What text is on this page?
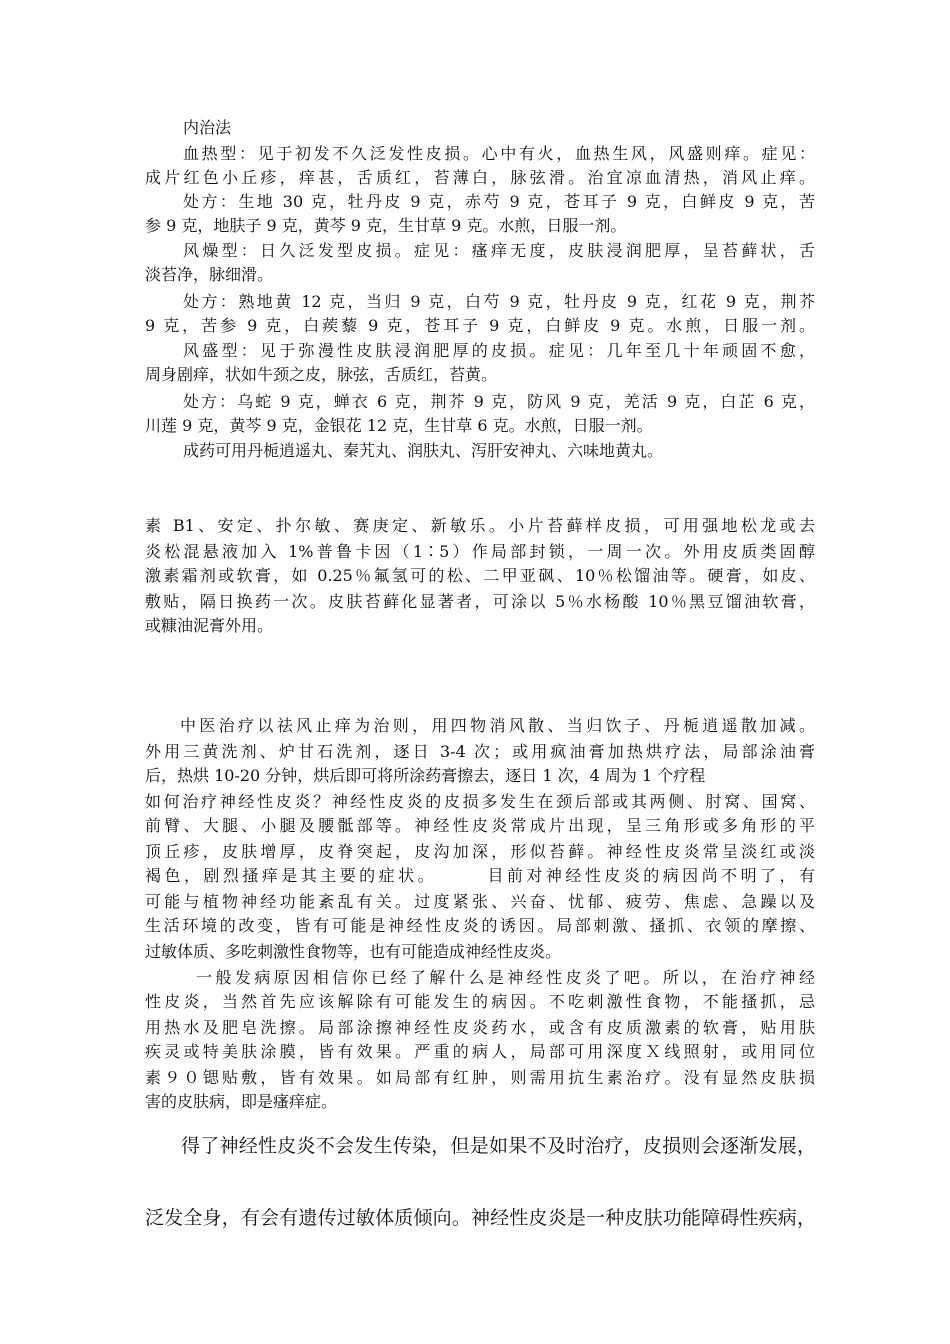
内治法
血热型：见于初发不久泛发性皮损。心中有火，血热生风，风盛则痒。症见：
成片红色小丘疹，痒甚，舌质红，苔薄白，脉弦滑。治宜凉血清热，消风止痒。
处方：生地 30 克，牡丹皮 9 克，赤芍 9 克，苍耳子 9 克，白鲜皮 9 克，苦
参 9 克，地肤子 9 克，黄芩 9 克，生甘草 9 克。水煎，日服一剂。
风燥型：日久泛发型皮损。症见：瘙痒无度，皮肤浸润肥厚，呈苔藓状，舌
淡苔净，脉细滑。
处方：熟地黄 12 克，当归 9 克，白芍 9 克，牡丹皮 9 克，红花 9 克，荆芥
9 克，苦参 9 克，白蒺藜 9 克，苍耳子 9 克，白鲜皮 9 克。水煎，日服一剂。
风盛型：见于弥漫性皮肤浸润肥厚的皮损。症见：几年至几十年顽固不愈，
周身剧痒，状如牛颈之皮，脉弦，舌质红，苔黄。
处方：乌蛇 9 克，蝉衣 6 克，荆芥 9 克，防风 9 克，羌活 9 克，白芷 6 克，
川莲 9 克，黄芩 9 克，金银花 12 克，生甘草 6 克。水煎，日服一剂。
成药可用丹栀逍遥丸、秦艽丸、润肤丸、泻肝安神丸、六味地黄丸。
素 B1、安定、扑尔敏、赛庚定、新敏乐。小片苔藓样皮损，可用强地松龙或去
炎松混悬液加入 1%普鲁卡因（1∶5）作局部封锁，一周一次。外用皮质类固醇
激素霜剂或软膏，如 0.25％氟氢可的松、二甲亚砜、10％松馏油等。硬膏，如皮、
敷贴，隔日换药一次。皮肤苔藓化显著者，可涂以 5％水杨酸 10％黑豆馏油软膏，
或糠油泥膏外用。
中医治疗以祛风止痒为治则，用四物消风散、当归饮子、丹栀逍遥散加减。
外用三黄洗剂、炉甘石洗剂，逐日 3-4 次；或用疯油膏加热烘疗法，局部涂油膏
后，热烘 10-20 分钟，烘后即可将所涂药膏擦去，逐日 1 次，4 周为 1 个疗程
如何治疗神经性皮炎？神经性皮炎的皮损多发生在颈后部或其两侧、肘窝、国窝、
前臂、大腿、小腿及腰骶部等。神经性皮炎常成片出现，呈三角形或多角形的平
顶丘疹，皮肤增厚，皮脊突起，皮沟加深，形似苔藓。神经性皮炎常呈淡红或淡
褐色，剧烈搔痒是其主要的症状。　　　目前对神经性皮炎的病因尚不明了，有
可能与植物神经功能紊乱有关。过度紧张、兴奋、忧郁、疲劳、焦虑、急躁以及
生活环境的改变，皆有可能是神经性皮炎的诱因。局部刺激、搔抓、衣领的摩擦、
过敏体质、多吃刺激性食物等，也有可能造成神经性皮炎。
一般发病原因相信你已经了解什么是神经性皮炎了吧。所以，在治疗神经
性皮炎，当然首先应该解除有可能发生的病因。不吃刺激性食物，不能搔抓，忌
用热水及肥皂洗擦。局部涂擦神经性皮炎药水，或含有皮质激素的软膏，贴用肤
疾灵或特美肤涂膜，皆有效果。严重的病人，局部可用深度Ｘ线照射，或用同位
素９０锶贴敷，皆有效果。如局部有红肿，则需用抗生素治疗。没有显然皮肤损
害的皮肤病，即是瘙痒症。
得了神经性皮炎不会发生传染，但是如果不及时治疗，皮损则会逐渐发展，
泛发全身，有会有遗传过敏体质倾向。神经性皮炎是一种皮肤功能障碍性疾病，
